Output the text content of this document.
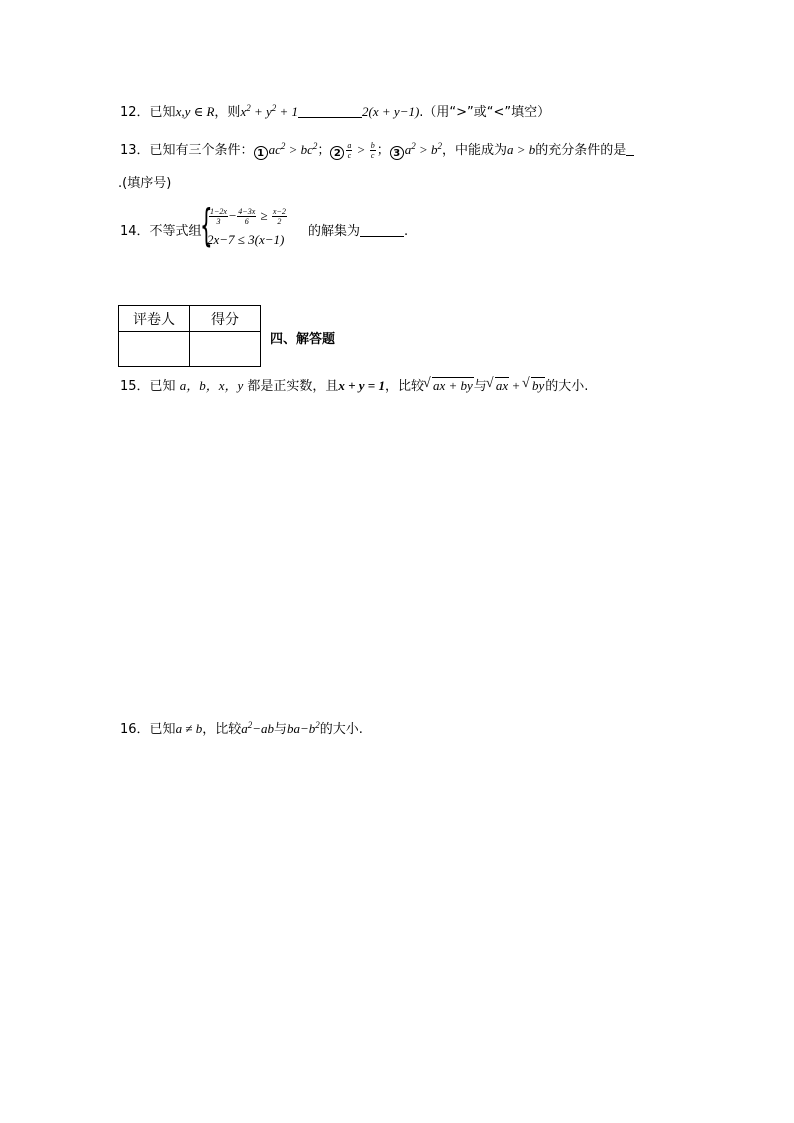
12．已知x,y ∈ R，则$x^2 + y^2 + 1$	2(x + y−1).（用“>”或“<”填空）
13．已知有三个条件： 1 $ac^2 > bc^2$； $2 \frac{a}{c} > \frac{b}{c}$ ； 3 $a^2 > b^2$，中能成为a > b的充分条件的是
.(填序号)
14．不等式组
{
$\frac{1-2x}{3} - \frac{4-3x}{6} \ge \frac{x-2}{2}$
2x−7 ≤ 3(x−1)
的解集为	.
评卷人	得分

四、解答题
15．已知 a，b，x，y 都是正实数，且x + y = 1，比较 √ ax + by与 √ ax + √ by的大小.
16．已知a ≠ b，比较$a^2-ab$与$ba-b^2$的大小.
